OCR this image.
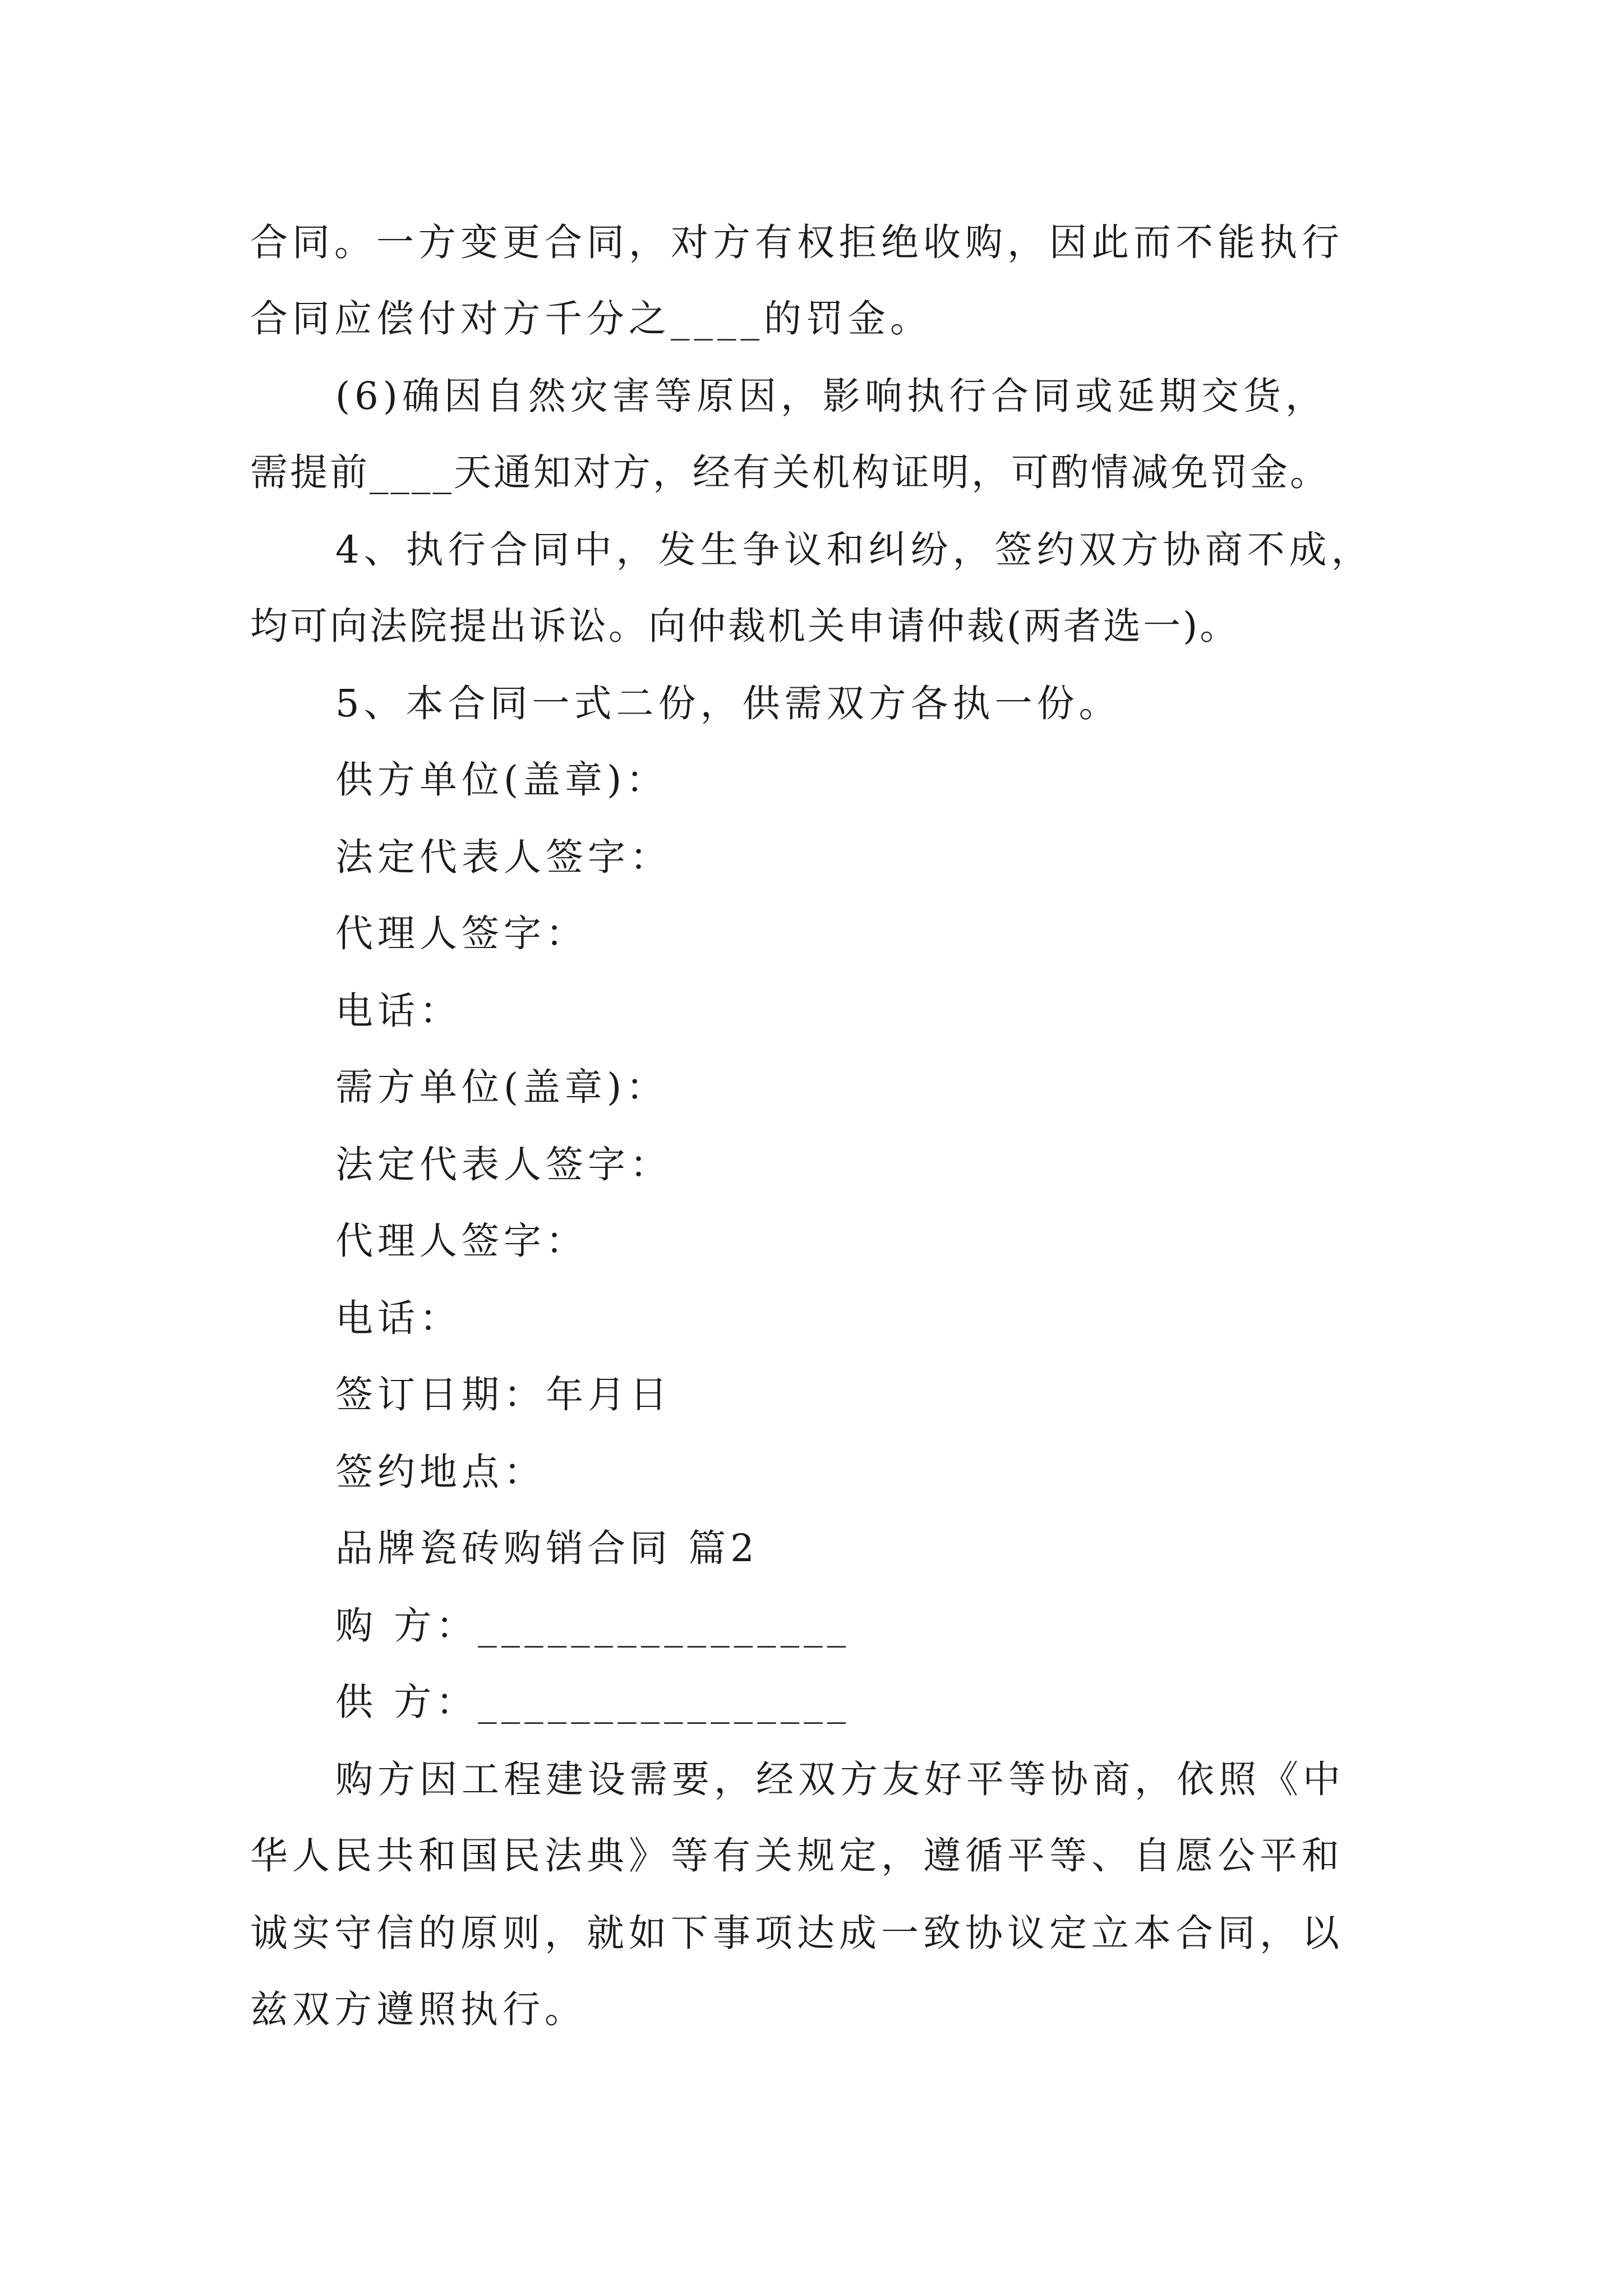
合同。一方变更合同，对方有权拒绝收购，因此而不能执行
合同应偿付对方千分之____的罚金。
(6)确因自然灾害等原因，影响执行合同或延期交货，
需提前____天通知对方，经有关机构证明，可酌情减免罚金。
4、执行合同中，发生争议和纠纷，签约双方协商不成，
均可向法院提出诉讼。向仲裁机关申请仲裁(两者选一)。
5、本合同一式二份，供需双方各执一份。
供方单位(盖章)：
法定代表人签字：
代理人签字：
电话：
需方单位(盖章)：
法定代表人签字：
代理人签字：
电话：
签订日期：年月日
签约地点：
品牌瓷砖购销合同 篇2
购 方：________________
供 方：________________
购方因工程建设需要，经双方友好平等协商，依照《中
华人民共和国民法典》等有关规定，遵循平等、自愿公平和
诚实守信的原则，就如下事项达成一致协议定立本合同，以
兹双方遵照执行。
